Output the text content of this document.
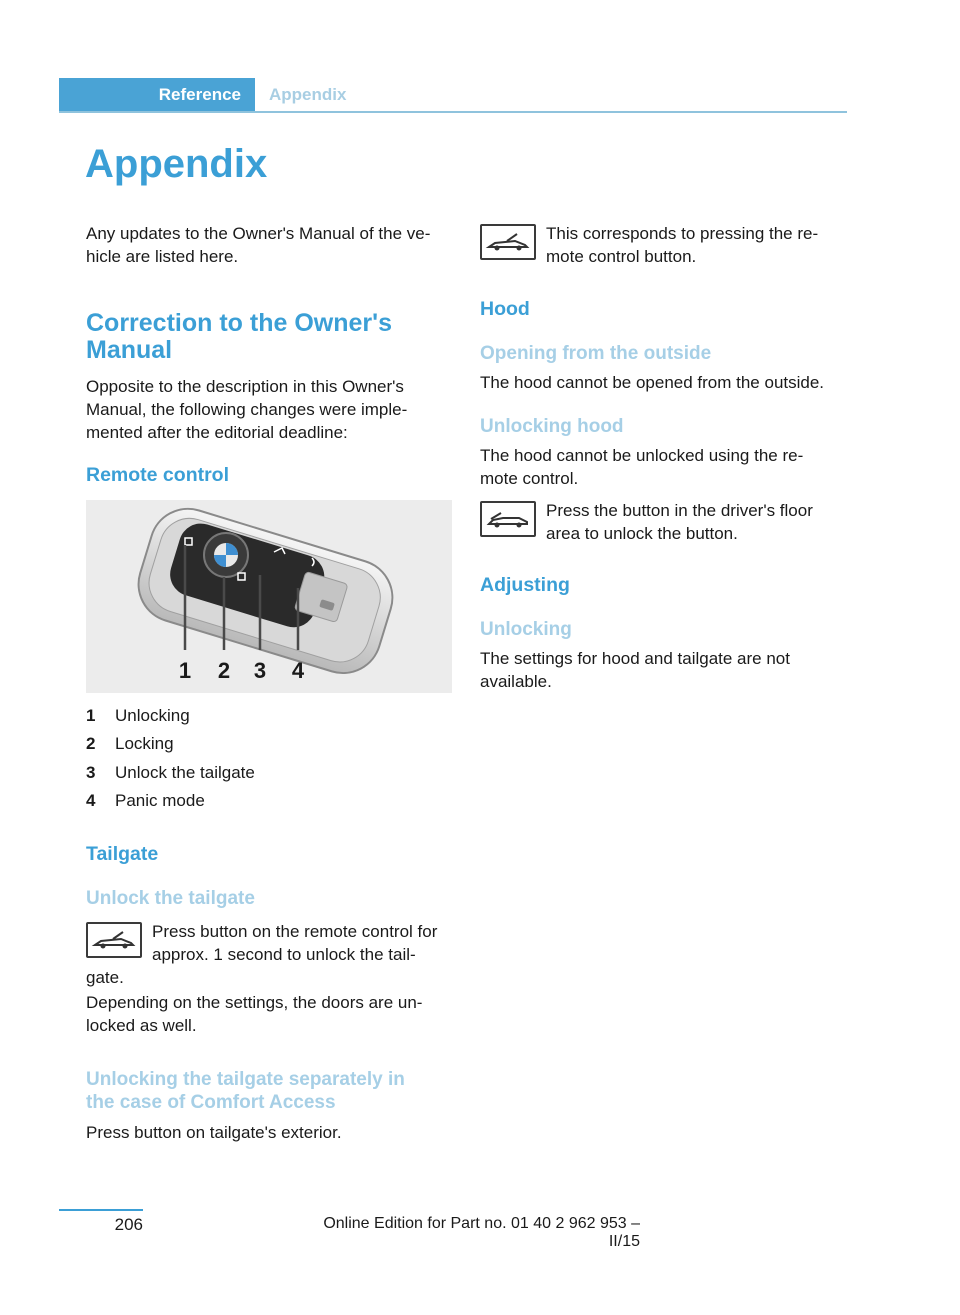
Reference	Appendix
Appendix
Any updates to the Owner's Manual of the ve-
hicle are listed here.
Correction to the Owner's
Manual
Opposite to the description in this Owner's
Manual, the following changes were imple-
mented after the editorial deadline:
Remote control
1 2 3 4
1	Unlocking
2	Locking
3	Unlock the tailgate
4	Panic mode
Tailgate
Unlock the tailgate
Press button on the remote control for
approx. 1 second to unlock the tail-
gate.
Depending on the settings, the doors are un-
locked as well.
Unlocking the tailgate separately in
the case of Comfort Access
Press button on tailgate's exterior.
This corresponds to pressing the re-
mote control button.
Hood
Opening from the outside
The hood cannot be opened from the outside.
Unlocking hood
The hood cannot be unlocked using the re-
mote control.
Press the button in the driver's floor
area to unlock the button.
Adjusting
Unlocking
The settings for hood and tailgate are not
available.
206	Online Edition for Part no. 01 40 2 962 953 – II/15
